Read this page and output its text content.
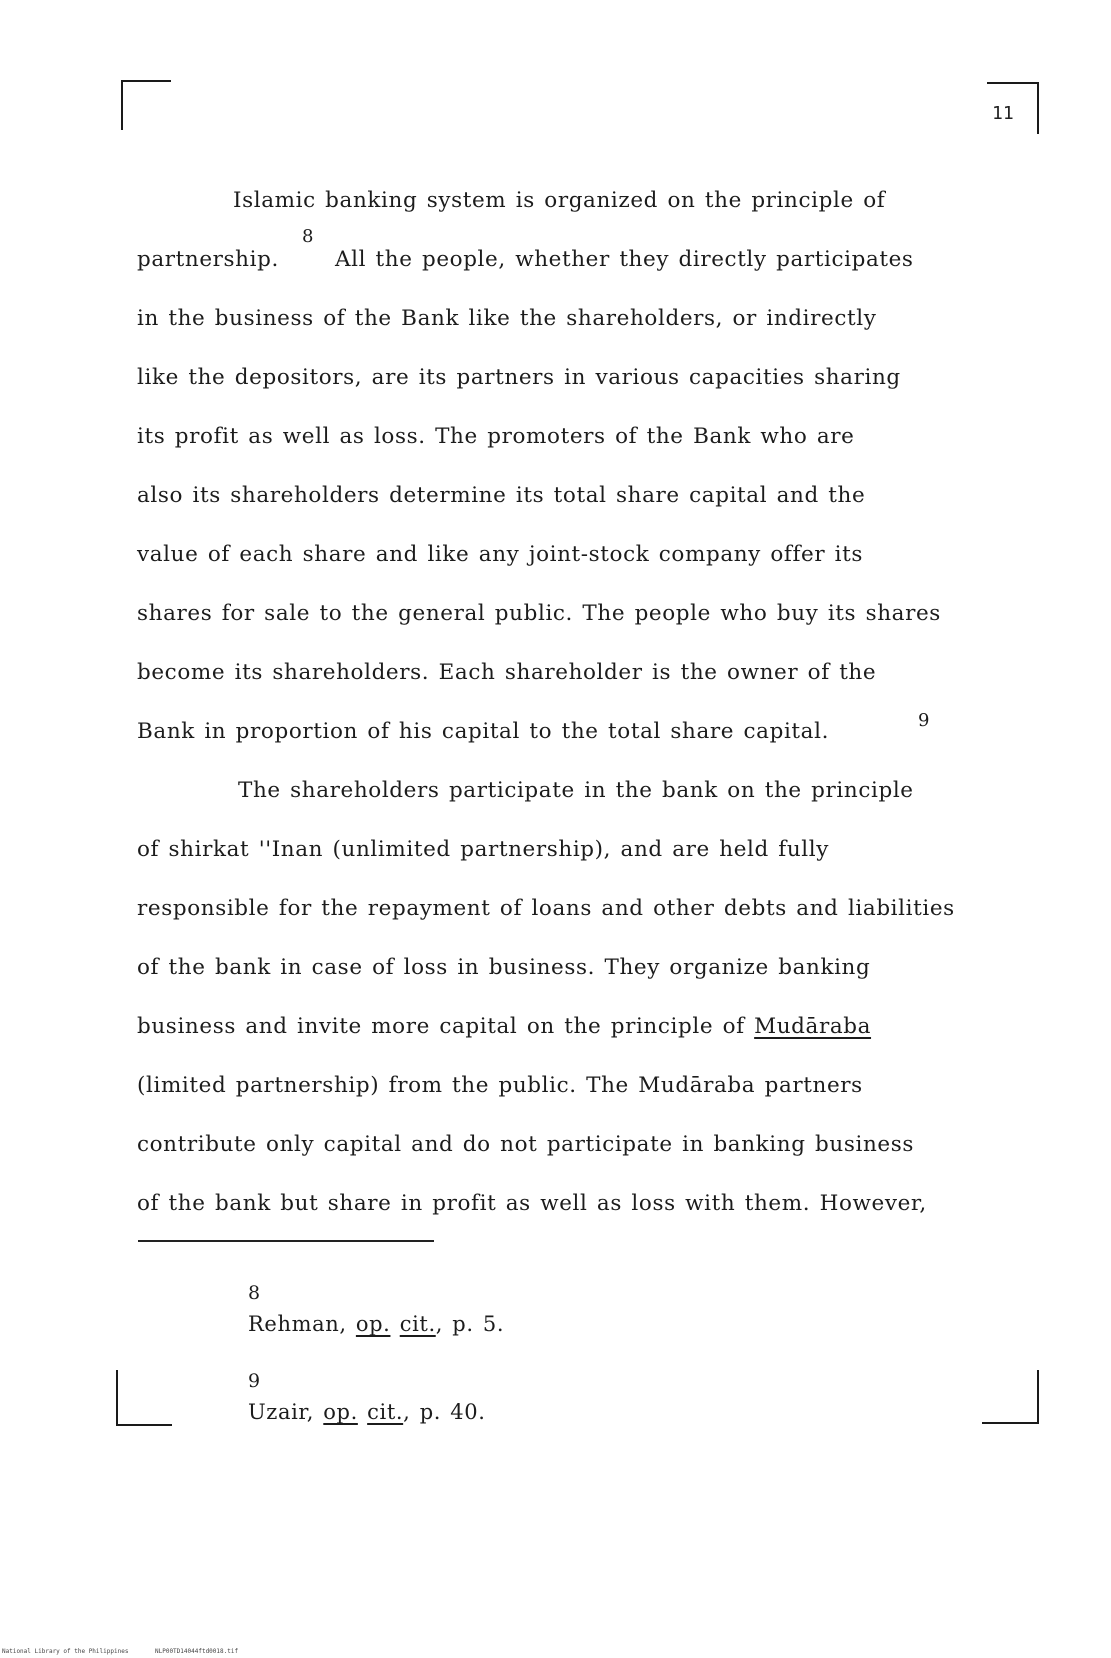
11
Islamic banking system is organized on the principle of
partnership.
8
All the people, whether they directly participates
in the business of the Bank like the shareholders, or indirectly
like the depositors, are its partners in various capacities sharing
its profit as well as loss. The promoters of the Bank who are
also its shareholders determine its total share capital and the
value of each share and like any joint-stock company offer its
shares for sale to the general public. The people who buy its shares
become its shareholders. Each shareholder is the owner of the
Bank in proportion of his capital to the total share capital.	9
The shareholders participate in the bank on the principle
of shirkat ''Inan (unlimited partnership), and are held fully
responsible for the repayment of loans and other debts and liabilities
of the bank in case of loss in business. They organize banking
business and invite more capital on the principle of Mudāraba
(limited partnership) from the public. The Mudāraba partners
contribute only capital and do not participate in banking business
of the bank but share in profit as well as loss with them. However,
8
Rehman, op. cit., p. 5.
9
Uzair, op. cit., p. 40.
National Library of the Philippines	NLP00TD14044ftd0018.tif
